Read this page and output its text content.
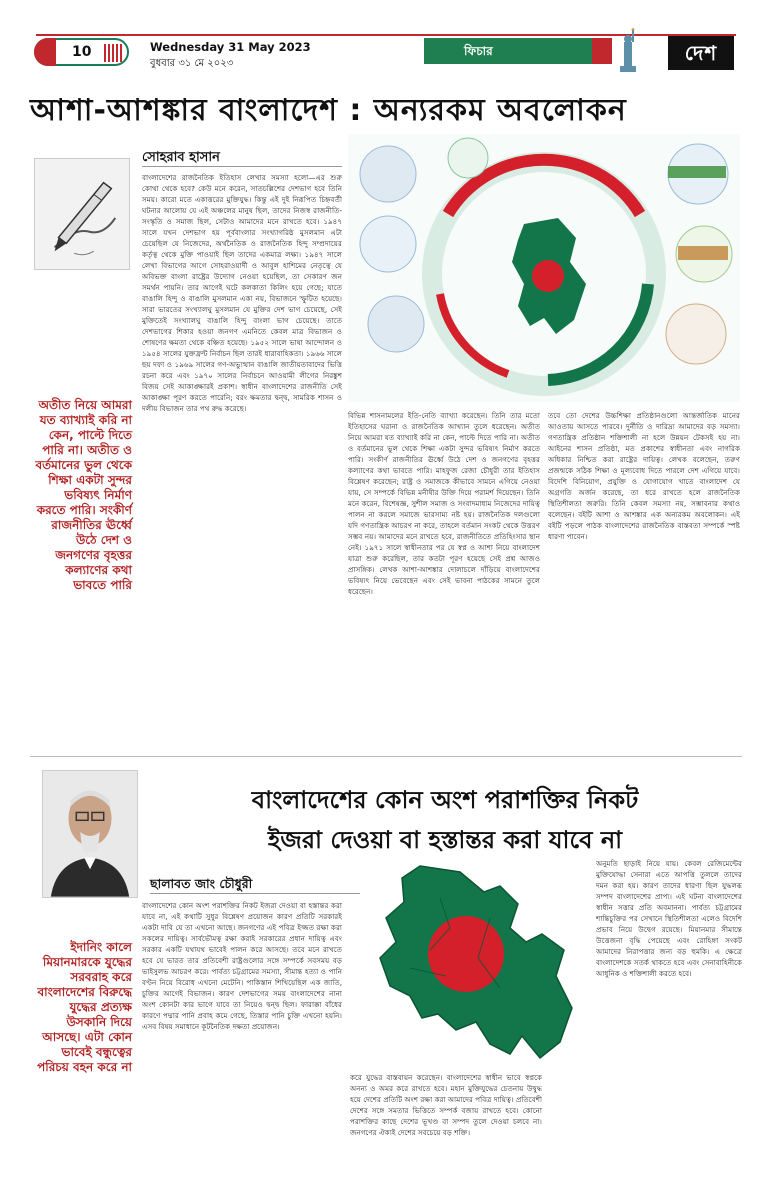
10	Wednesday 31 May 2023
বুধবার ৩১ মে ২০২৩
ফিচার	দেশ
আশা-আশঙ্কার বাংলাদেশ : অন্যরকম অবলোকন
সোহরাব হাসান
অতীত নিয়ে আমরা যত ব্যাখ্যাই করি না কেন, পাল্টে দিতে পারি না। অতীত ও বর্তমানের ভুল থেকে শিক্ষা একটা সুন্দর ভবিষ্যৎ নির্মাণ করতে পারি। সংকীর্ণ রাজনীতির ঊর্ধ্বে উঠে দেশ ও জনগণের বৃহত্তর কল্যাণের কথা ভাবতে পারি
বাংলাদেশের রাজনৈতিক ইতিহাস লেখার সমস্যা হলো—এর শুরু কোথা থেকে হবে? কেউ মনে করেন, সাতচল্লিশের দেশভাগ হবে তিনি সময়। কারো মতে একাত্তরের মুক্তিযুদ্ধ। কিন্তু এই দুই নিরূপিত চিহ্নবর্তী ঘটনার আলোয় যে এই অঞ্চলের মানুষ ছিল, তাদের নিজস্ব রাজনীতি-সংস্কৃতি ও সমাজ ছিল, সেটাও আমাদের মনে রাখতে হবে। ১৯৪৭ সালে যখন দেশভাগ হয় পূর্ববাংলার সংখ্যাগরিষ্ঠ মুসলমান এটা চেয়েছিল যে নিজেদের, অর্থনৈতিক ও রাজনৈতিক হিন্দু সম্প্রদায়ের কর্তৃত্ব থেকে মুক্তি পাওয়াই ছিল তাদের একমাত্র লক্ষ্য। ১৯৪৭ সালে লেখা বিভাগের আগে সোহরাওয়ার্দী ও আবুল হাশিমের নেতৃত্বে যে অবিভক্ত বাংলা রাষ্ট্রের উদ্যোগ নেওয়া হয়েছিল, তা সেকারণ জন সমর্থন পায়নি। তার আগেই ঘটে কলকাতা কিলিং হয়ে গেছে; যাতে বাঙালি হিন্দু ও বাঙালি মুসলমান এক্য নয়, বিভাজনে স্ফুটিত হয়েছে। সারা ভারতের সংখ্যালঘু মুসলমান যে মুক্তির দেশ ভাগ চেয়েছে, সেই মুক্তিতেই সংখ্যালঘু বাঙালি হিন্দু বাংলা ভাগ চেয়েছে। তাতে দেশভাগের শিকার হওয়া জনগণ এমনিতে কেবল মাত্র বিভাজন ও শোষণের ক্ষমতা থেকে বঞ্চিত হয়েছে। ১৯৫২ সালে ভাষা আন্দোলন ও ১৯৫৪ সালের যুক্তফ্রন্ট নির্বাচন ছিল তারই ধারাবাহিকতা। ১৯৬৬ সালে ছয় দফা ও ১৯৬৯ সালের গণ-অভ্যুত্থান বাঙালি জাতীয়তাবাদের ভিত্তি রচনা করে এবং ১৯৭০ সালের নির্বাচনে আওয়ামী লীগের নিরঙ্কুশ বিজয় সেই আকাঙ্ক্ষারই প্রকাশ। স্বাধীন বাংলাদেশের রাজনীতি সেই আকাঙ্ক্ষা পূরণ করতে পারেনি; বরং ক্ষমতার দ্বন্দ্ব, সামরিক শাসন ও দলীয় বিভাজন তার পথ রুদ্ধ করেছে।
বিভিন্ন শাসনামলের ইতি-নেতি ব্যাখ্যা করেছেন। তিনি তার মতো ইতিহাসের ঘরানা ও রাজনৈতিক আখ্যান তুলে ধরেছেন। অতীত নিয়ে আমরা যত ব্যাখ্যাই করি না কেন, পাল্টে দিতে পারি না। অতীত ও বর্তমানের ভুল থেকে শিক্ষা একটা সুন্দর ভবিষ্যৎ নির্মাণ করতে পারি। সংকীর্ণ রাজনীতির ঊর্ধ্বে উঠে দেশ ও জনগণের বৃহত্তর কল্যাণের কথা ভাবতে পারি। মাহফুজ রেজা চৌধুরী তার ইতিহাস বিশ্লেষণ করেছেন; রাষ্ট্র ও সমাজকে কীভাবে সামনে এগিয়ে নেওয়া যায়, সে সম্পর্কে বিভিন্ন মনীষীর উক্তি দিয়ে পরামর্শ দিয়েছেন। তিনি মনে করেন, বিশেষজ্ঞ, সুশীল সমাজ ও সংবাদমাধ্যম নিজেদের দায়িত্ব পালন না করলে সমাজে ভারসাম্য নষ্ট হয়। রাজনৈতিক দলগুলো যদি গণতান্ত্রিক আচরণ না করে, তাহলে বর্তমান সংকট থেকে উত্তরণ সম্ভব নয়। আমাদের মনে রাখতে হবে, রাজনীতিতে প্রতিহিংসার স্থান নেই। ১৯৭১ সালে স্বাধীনতার পর যে স্বপ্ন ও আশা নিয়ে বাংলাদেশ যাত্রা শুরু করেছিল, তার কতটা পূরণ হয়েছে সেই প্রশ্ন আজও প্রাসঙ্গিক। লেখক আশা-আশঙ্কার দোলাচলে দাঁড়িয়ে বাংলাদেশের ভবিষ্যৎ নিয়ে ভেবেছেন এবং সেই ভাবনা পাঠকের সামনে তুলে ধরেছেন।
তবে তো দেশের উচ্চশিক্ষা প্রতিষ্ঠানগুলো আন্তর্জাতিক মানের আওতায় আসতে পারবে। দুর্নীতি ও দারিদ্র্য আমাদের বড় সমস্যা। গণতান্ত্রিক প্রতিষ্ঠান শক্তিশালী না হলে উন্নয়ন টেকসই হয় না। আইনের শাসন প্রতিষ্ঠা, মত প্রকাশের স্বাধীনতা এবং নাগরিক অধিকার নিশ্চিত করা রাষ্ট্রের দায়িত্ব। লেখক বলেছেন, তরুণ প্রজন্মকে সঠিক শিক্ষা ও মূল্যবোধ দিতে পারলে দেশ এগিয়ে যাবে। বিদেশি বিনিয়োগ, প্রযুক্তি ও যোগাযোগ খাতে বাংলাদেশ যে অগ্রগতি অর্জন করেছে, তা ধরে রাখতে হলে রাজনৈতিক স্থিতিশীলতা জরুরি। তিনি কেবল সমস্যা নয়, সম্ভাবনার কথাও বলেছেন। বইটি আশা ও আশঙ্কার এক অন্যরকম অবলোকন। এই বইটি পড়লে পাঠক বাংলাদেশের রাজনৈতিক বাস্তবতা সম্পর্কে স্পষ্ট ধারণা পাবেন।
বাংলাদেশের কোন অংশ পরাশক্তির নিকট
ইজরা দেওয়া বা হস্তান্তর করা যাবে না
ছালাবত জাং চৌধুরী
ইদানিং কালে মিয়ানমারকে যুদ্ধের সরবরাহ করে বাংলাদেশের বিরুদ্ধে যুদ্ধের প্রত্যক্ষ উসকানি দিয়ে আসছে। এটা কোন ভাবেই বন্ধুত্বের পরিচয় বহন করে না
বাংলাদেশের কোন অংশ পরাশক্তির নিকট ইজরা দেওয়া বা হস্তান্তর করা যাবে না, এই কথাটি সুধুর বিশ্লেষণ প্রয়োজন কারণ প্রতিটি সরকারই একটা দাবি যে তা এখনো আছে। জনগণের এই পবিত্র ইজ্জত রক্ষা করা সকলের দায়িত্ব। সার্বভৌমত্ব রক্ষা করাই সরকারের প্রধান দায়িত্ব এবং সরকার একটি যথাযথ ভাবেই পালন করে আসছে। তবে মনে রাখতে হবে যে ভারত তার প্রতিবেশী রাষ্ট্রগুলোর সঙ্গে সম্পর্কে সবসময় বড় ভাইসুলভ আচরণ করে। পার্বত্য চট্টগ্রামের সমস্যা, সীমান্ত হত্যা ও পানি বণ্টন নিয়ে বিরোধ এখনো মেটেনি। পাকিস্তান শিখিয়েছিল এক জাতি, চুক্তির আগেই বিভাজন। কারণ দেশভাগের সময় বাংলাদেশের নানা অংশ কোনটা কার ভাগে যাবে তা নিয়েও দ্বন্দ্ব ছিল। ফারাক্কা বাঁধের কারণে পদ্মার পানি প্রবাহ কমে গেছে, তিস্তার পানি চুক্তি এখনো হয়নি। এসব বিষয় সমাধানে কূটনৈতিক দক্ষতা প্রয়োজন।
করে যুদ্ধের বাস্তবায়ন করেছেন। বাংলাদেশের স্বাধীন ভাবে স্বপ্নকে অনন্য ও অমর করে রাখতে হবে। মহান মুক্তিযুদ্ধের চেতনায় উদ্বুদ্ধ হয়ে দেশের প্রতিটি অংশ রক্ষা করা আমাদের পবিত্র দায়িত্ব। প্রতিবেশী দেশের সঙ্গে সমতার ভিত্তিতে সম্পর্ক বজায় রাখতে হবে। কোনো পরাশক্তির কাছে দেশের ভূখণ্ড বা সম্পদ তুলে দেওয়া চলবে না। জনগণের ঐক্যই দেশের সবচেয়ে বড় শক্তি।
অনুমতি ছাড়াই নিয়ে যায়। কেবল রেজিমেন্টের মুক্তিযোদ্ধা সেনারা এতে আপত্তি তুললে তাদের দমন করা হয়। কারণ তাদের ধারণা ছিল যুদ্ধলব্ধ সম্পদ বাংলাদেশের প্রাপ্য। এই ঘটনা বাংলাদেশের স্বাধীন সত্তার প্রতি অবমাননা। পার্বত্য চট্টগ্রামের শান্তিচুক্তির পর সেখানে স্থিতিশীলতা এলেও বিদেশি প্রভাব নিয়ে উদ্বেগ রয়েছে। মিয়ানমার সীমান্তে উত্তেজনা বৃদ্ধি পেয়েছে এবং রোহিঙ্গা সংকট আমাদের নিরাপত্তার জন্য বড় হুমকি। এ ক্ষেত্রে বাংলাদেশকে সতর্ক থাকতে হবে এবং সেনাবাহিনীকে আধুনিক ও শক্তিশালী করতে হবে।
